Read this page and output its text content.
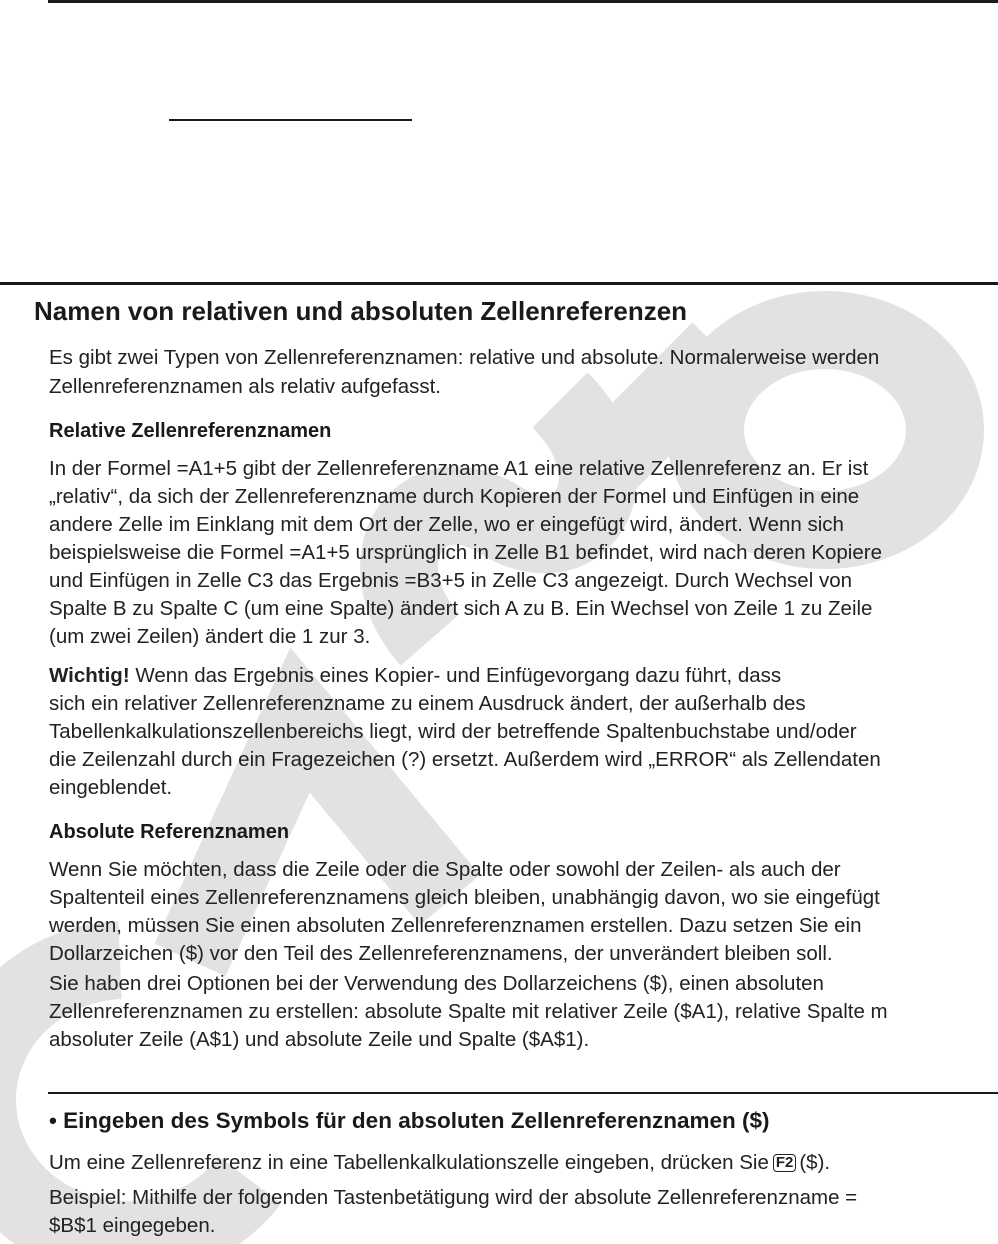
Namen von relativen und absoluten Zellenreferenzen

Es gibt zwei Typen von Zellenreferenznamen: relative und absolute. Normalerweise werden

Zellenreferenznamen als relativ aufgefasst.

Relative Zellenreferenznamen

In der Formel =A1+5 gibt der Zellenreferenzname A1 eine relative Zellenreferenz an. Er ist

„relativ“, da sich der Zellenreferenzname durch Kopieren der Formel und Einfügen in eine

andere Zelle im Einklang mit dem Ort der Zelle, wo er eingefügt wird, ändert. Wenn sich

beispielsweise die Formel =A1+5 ursprünglich in Zelle B1 befindet, wird nach deren Kopiere

und Einfügen in Zelle C3 das Ergebnis =B3+5 in Zelle C3 angezeigt. Durch Wechsel von

Spalte B zu Spalte C (um eine Spalte) ändert sich A zu B. Ein Wechsel von Zeile 1 zu Zeile

(um zwei Zeilen) ändert die 1 zur 3.

Wichtig! Wenn das Ergebnis eines Kopier- und Einfügevorgang dazu führt, dass

sich ein relativer Zellenreferenzname zu einem Ausdruck ändert, der außerhalb des

Tabellenkalkulationszellenbereichs liegt, wird der betreffende Spaltenbuchstabe und/oder

die Zeilenzahl durch ein Fragezeichen (?) ersetzt. Außerdem wird „ERROR“ als Zellendaten

eingeblendet.

Absolute Referenznamen

Wenn Sie möchten, dass die Zeile oder die Spalte oder sowohl der Zeilen- als auch der

Spaltenteil eines Zellenreferenznamens gleich bleiben, unabhängig davon, wo sie eingefügt

werden, müssen Sie einen absoluten Zellenreferenznamen erstellen. Dazu setzen Sie ein

Dollarzeichen ($) vor den Teil des Zellenreferenznamens, der unverändert bleiben soll.

Sie haben drei Optionen bei der Verwendung des Dollarzeichens ($), einen absoluten

Zellenreferenznamen zu erstellen: absolute Spalte mit relativer Zeile ($A1), relative Spalte m

absoluter Zeile (A$1) und absolute Zeile und Spalte ($A$1).

• Eingeben des Symbols für den absoluten Zellenreferenznamen ($)

Um eine Zellenreferenz in eine Tabellenkalkulationszelle eingeben, drücken Sie F2 ($).

Beispiel: Mithilfe der folgenden Tastenbetätigung wird der absolute Zellenreferenzname =

$B$1 eingegeben.
